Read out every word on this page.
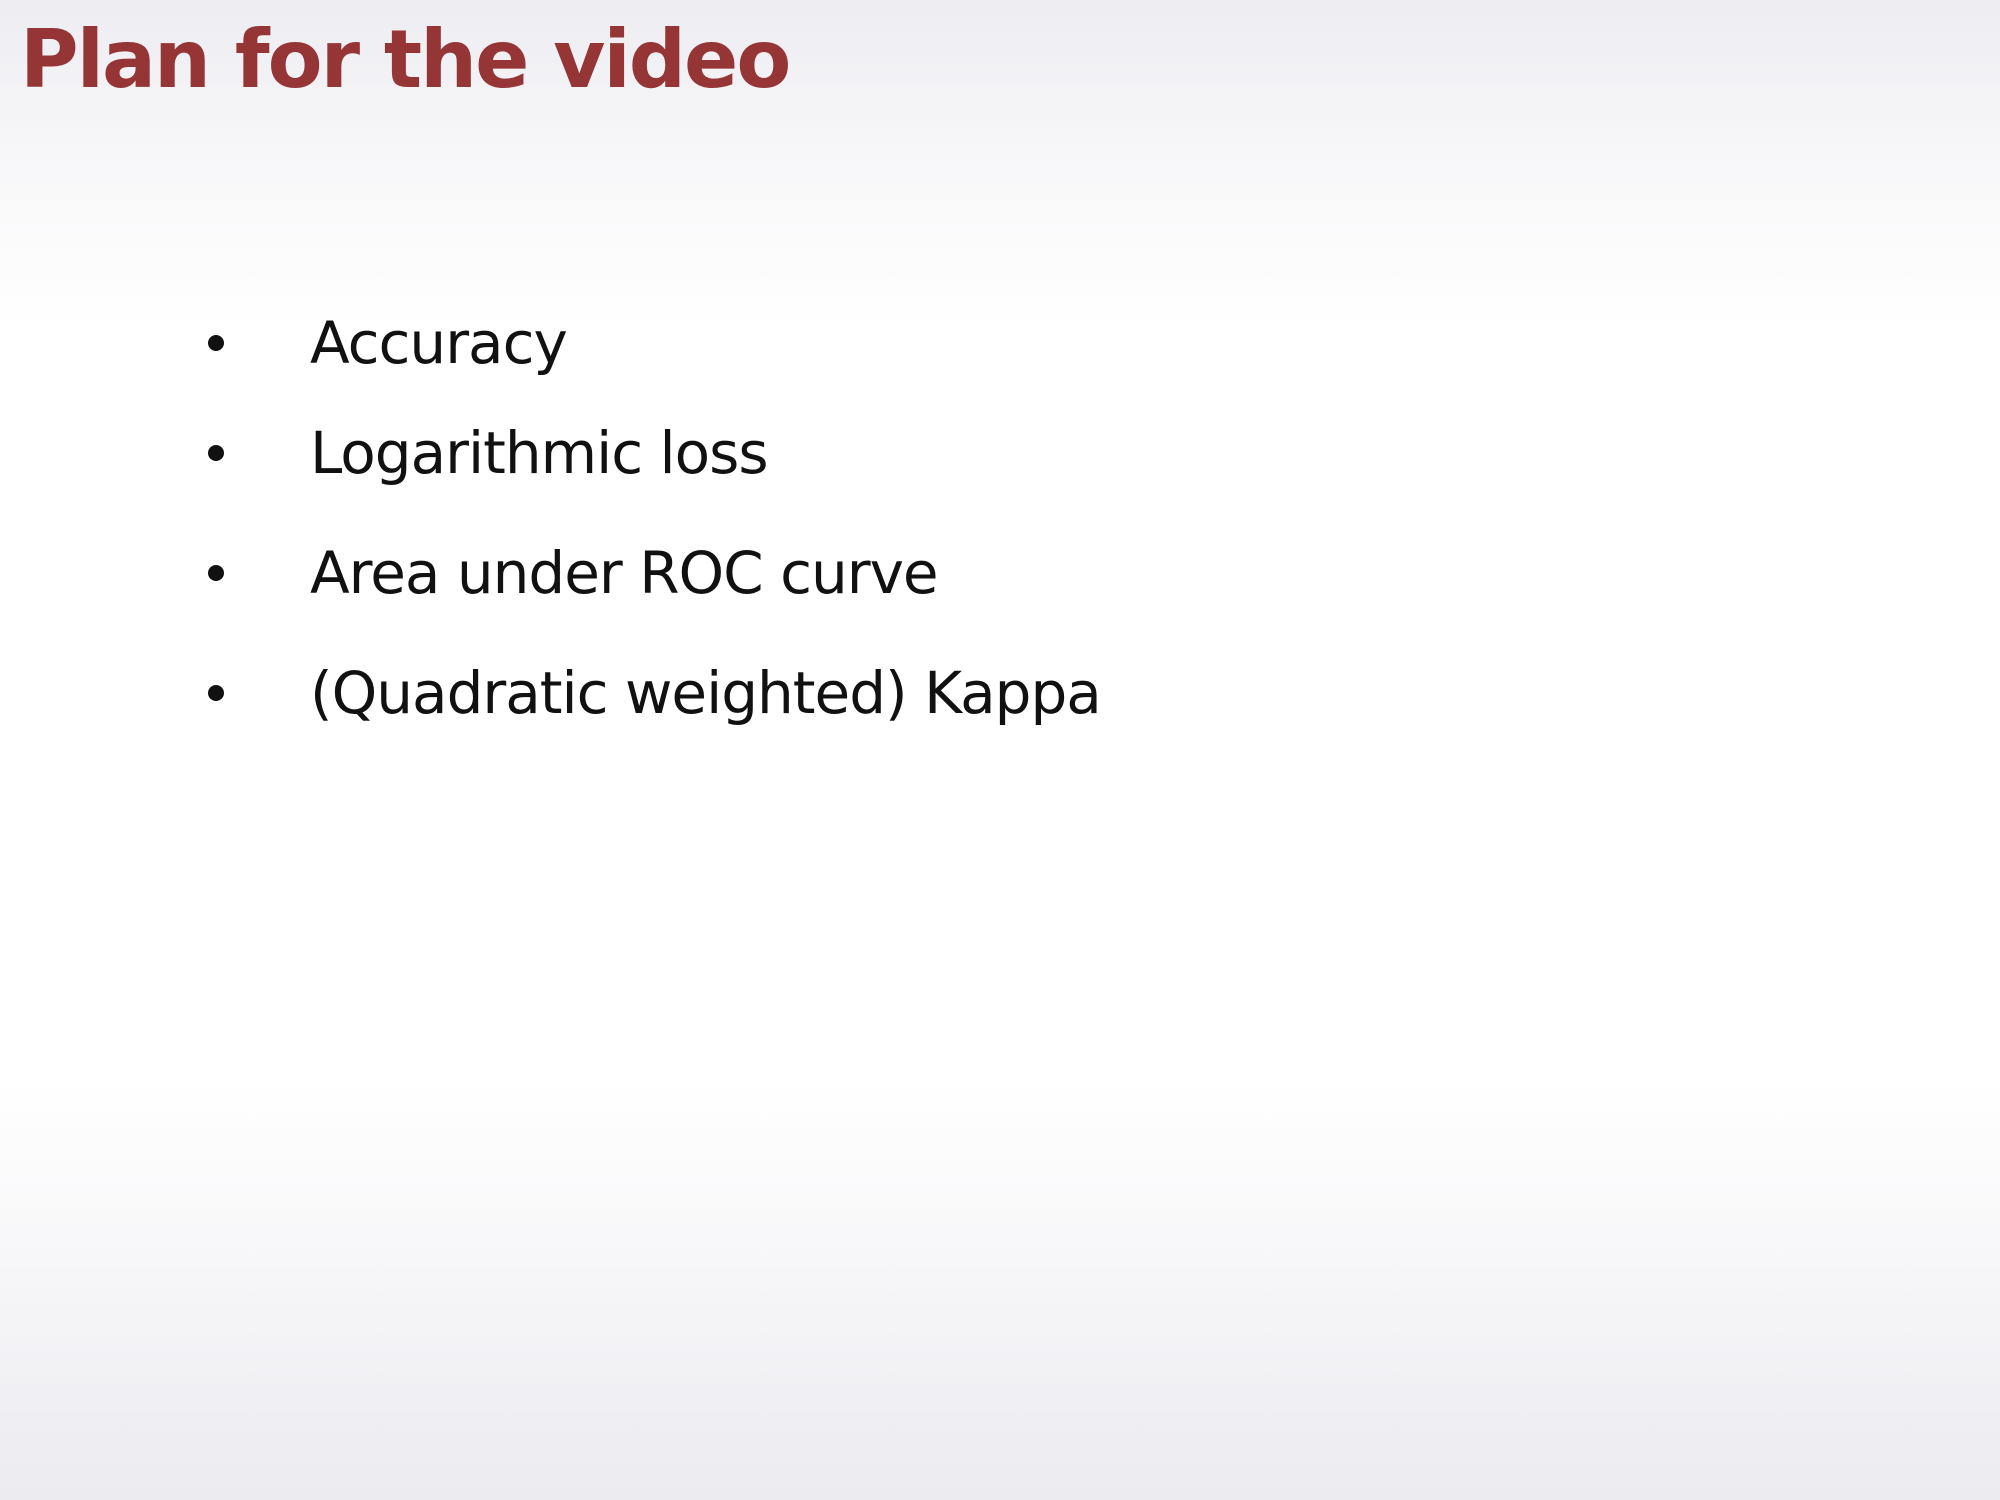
Plan for the video
Accuracy
Logarithmic loss
Area under ROC curve
(Quadratic weighted) Kappa
